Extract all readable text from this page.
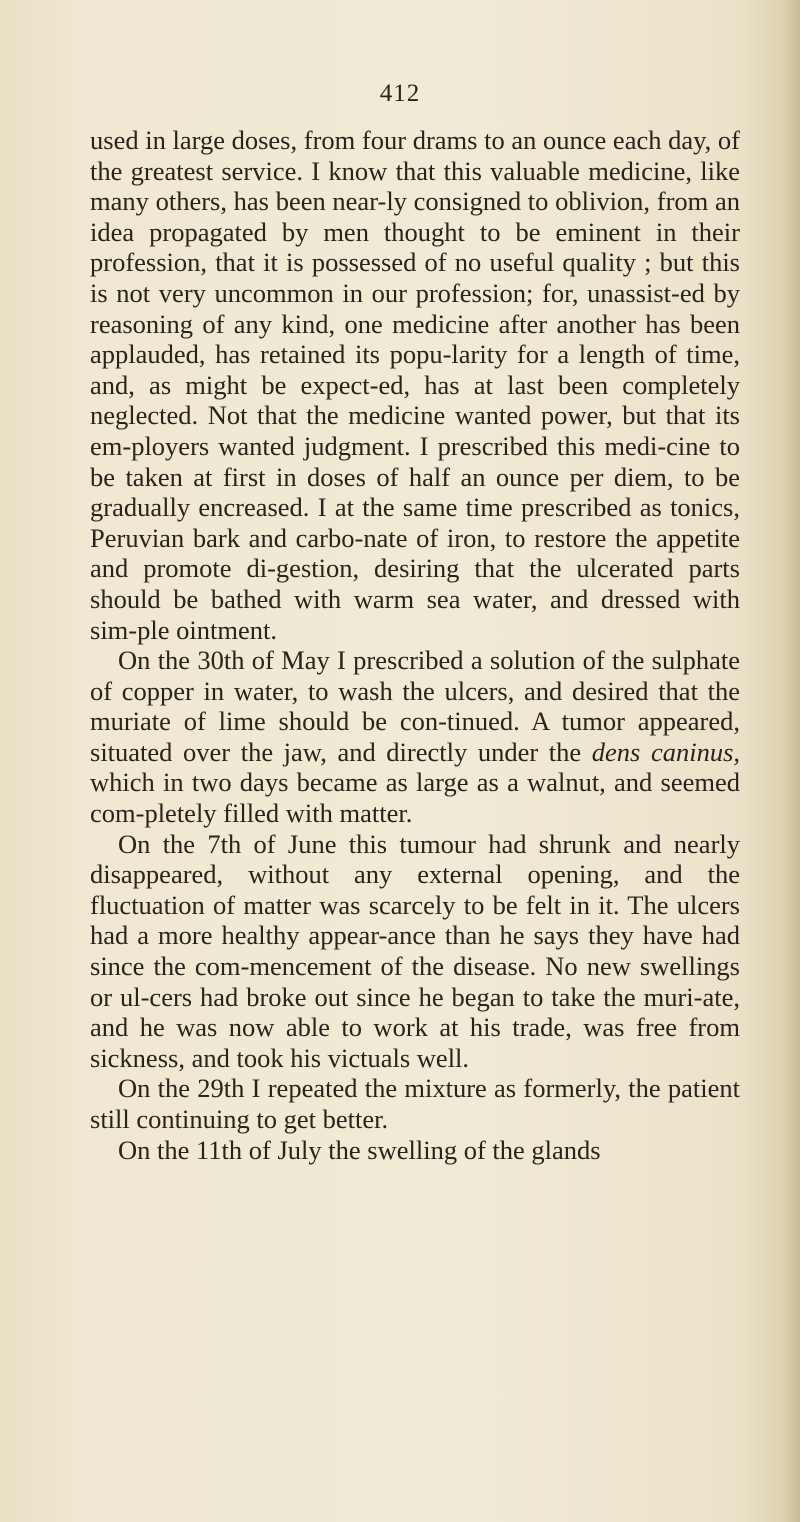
412

used in large doses, from four drams to an ounce each day, of the greatest service. I know that this valuable medicine, like many others, has been near-ly consigned to oblivion, from an idea propagated by men thought to be eminent in their profession, that it is possessed of no useful quality ; but this is not very uncommon in our profession; for, unassist-ed by reasoning of any kind, one medicine after another has been applauded, has retained its popu-larity for a length of time, and, as might be expect-ed, has at last been completely neglected. Not that the medicine wanted power, but that its em-ployers wanted judgment. I prescribed this medi-cine to be taken at first in doses of half an ounce per diem, to be gradually encreased. I at the same time prescribed as tonics, Peruvian bark and carbo-nate of iron, to restore the appetite and promote di-gestion, desiring that the ulcerated parts should be bathed with warm sea water, and dressed with sim-ple ointment.

On the 30th of May I prescribed a solution of the sulphate of copper in water, to wash the ulcers, and desired that the muriate of lime should be con-tinued. A tumor appeared, situated over the jaw, and directly under the dens caninus, which in two days became as large as a walnut, and seemed com-pletely filled with matter.

On the 7th of June this tumour had shrunk and nearly disappeared, without any external opening, and the fluctuation of matter was scarcely to be felt in it. The ulcers had a more healthy appear-ance than he says they have had since the com-mencement of the disease. No new swellings or ul-cers had broke out since he began to take the muri-ate, and he was now able to work at his trade, was free from sickness, and took his victuals well.

On the 29th I repeated the mixture as formerly, the patient still continuing to get better.

On the 11th of July the swelling of the glands
